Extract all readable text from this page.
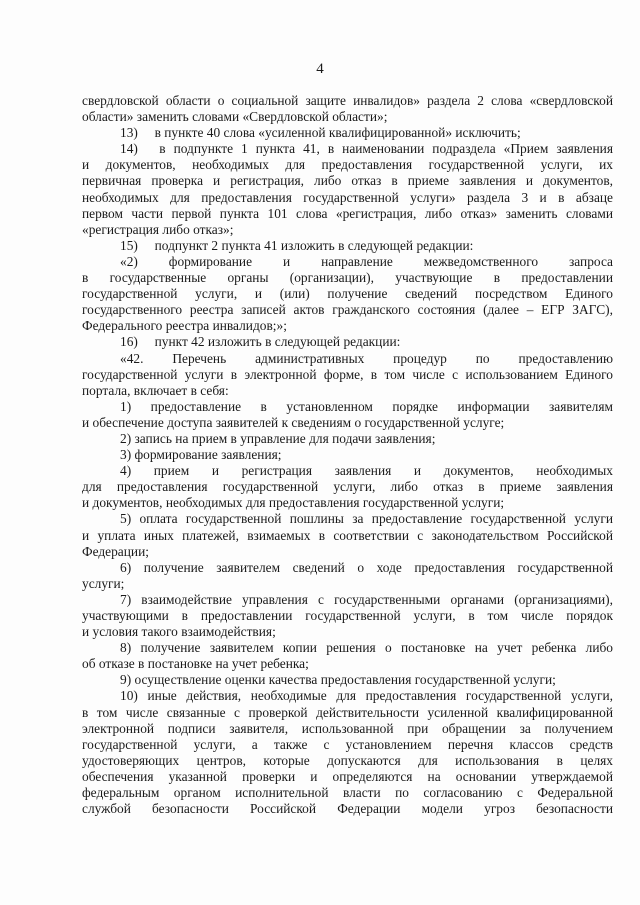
4
свердловской области о социальной защите инвалидов» раздела 2 слова «свердловской
области» заменить словами «Свердловской области»;
13)  в пункте 40 слова «усиленной квалифицированной» исключить;
14)  в подпункте 1 пункта 41, в наименовании подраздела «Прием заявления
и документов, необходимых для предоставления государственной услуги, их
первичная проверка и регистрация, либо отказ в приеме заявления и документов,
необходимых для предоставления государственной услуги» раздела 3 и в абзаце
первом части первой пункта 101 слова «регистрация, либо отказ» заменить словами
«регистрация либо отказ»;
15)  подпункт 2 пункта 41 изложить в следующей редакции:
«2) формирование и направление межведомственного запроса
в государственные органы (организации), участвующие в предоставлении
государственной услуги, и (или) получение сведений посредством Единого
государственного реестра записей актов гражданского состояния (далее – ЕГР ЗАГС),
Федерального реестра инвалидов;»;
16)  пункт 42 изложить в следующей редакции:
«42. Перечень административных процедур по предоставлению
государственной услуги в электронной форме, в том числе с использованием Единого
портала, включает в себя:
1) предоставление в установленном порядке информации заявителям
и обеспечение доступа заявителей к сведениям о государственной услуге;
2) запись на прием в управление для подачи заявления;
3) формирование заявления;
4) прием и регистрация заявления и документов, необходимых
для предоставления государственной услуги, либо отказ в приеме заявления
и документов, необходимых для предоставления государственной услуги;
5) оплата государственной пошлины за предоставление государственной услуги
и уплата иных платежей, взимаемых в соответствии с законодательством Российской
Федерации;
6) получение заявителем сведений о ходе предоставления государственной
услуги;
7) взаимодействие управления с государственными органами (организациями),
участвующими в предоставлении государственной услуги, в том числе порядок
и условия такого взаимодействия;
8) получение заявителем копии решения о постановке на учет ребенка либо
об отказе в постановке на учет ребенка;
9) осуществление оценки качества предоставления государственной услуги;
10) иные действия, необходимые для предоставления государственной услуги,
в том числе связанные с проверкой действительности усиленной квалифицированной
электронной подписи заявителя, использованной при обращении за получением
государственной услуги, а также с установлением перечня классов средств
удостоверяющих центров, которые допускаются для использования в целях
обеспечения указанной проверки и определяются на основании утверждаемой
федеральным органом исполнительной власти по согласованию с Федеральной
службой безопасности Российской Федерации модели угроз безопасности
